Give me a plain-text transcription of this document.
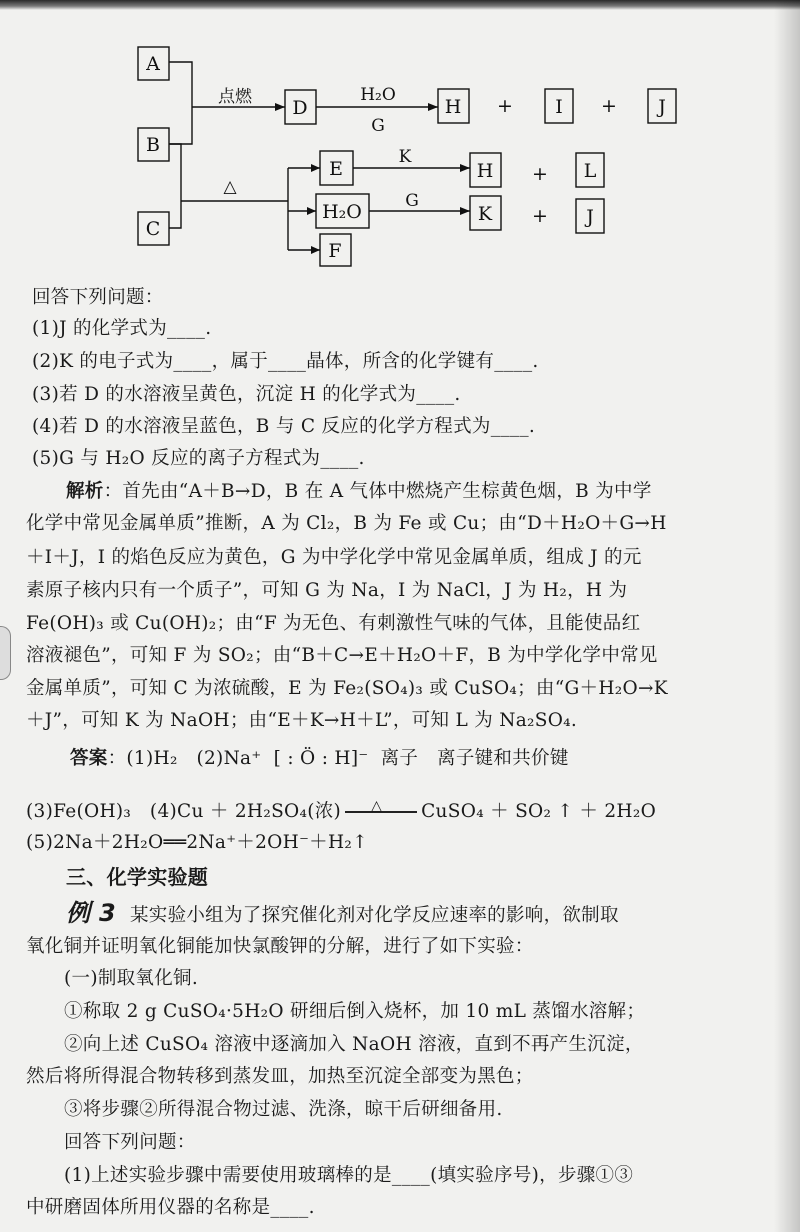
A
B
C
D	H	I	J
E
H₂O
F
H	L
K	J
+	+
+
+
点燃	H₂O
G
△
K
G
回答下列问题：
(1)J 的化学式为____.
(2)K 的电子式为____，属于____晶体，所含的化学键有____.
(3)若 D 的水溶液呈黄色，沉淀 H 的化学式为____.
(4)若 D 的水溶液呈蓝色，B 与 C 反应的化学方程式为____.
(5)G 与 H₂O 反应的离子方程式为____.
解析：首先由“A＋B→D，B 在 A 气体中燃烧产生棕黄色烟，B 为中学
化学中常见金属单质”推断，A 为 Cl₂，B 为 Fe 或 Cu；由“D＋H₂O＋G→H
＋I＋J，I 的焰色反应为黄色，G 为中学化学中常见金属单质，组成 J 的元
素原子核内只有一个质子”，可知 G 为 Na，I 为 NaCl，J 为 H₂，H 为
Fe(OH)₃ 或 Cu(OH)₂；由“F 为无色、有刺激性气味的气体，且能使品红
溶液褪色”，可知 F 为 SO₂；由“B＋C→E＋H₂O＋F，B 为中学化学中常见
金属单质”，可知 C 为浓硫酸，E 为 Fe₂(SO₄)₃ 或 CuSO₄；由“G＋H₂O→K
＋J”，可知 K 为 NaOH；由“E＋K→H＋L”，可知 L 为 Na₂SO₄.
答案：(1)H₂　(2)Na⁺ [ : Ö : H]⁻ 离子　离子键和共价键
(3)Fe(OH)₃　(4)Cu ＋ 2H₂SO₄(浓) △ CuSO₄ ＋ SO₂ ↑ ＋ 2H₂O
(5)2Na＋2H₂O══2Na⁺＋2OH⁻＋H₂↑
三、化学实验题
例 3 某实验小组为了探究催化剂对化学反应速率的影响，欲制取
氧化铜并证明氧化铜能加快氯酸钾的分解，进行了如下实验：
(一)制取氧化铜.
①称取 2 g CuSO₄·5H₂O 研细后倒入烧杯，加 10 mL 蒸馏水溶解；
②向上述 CuSO₄ 溶液中逐滴加入 NaOH 溶液，直到不再产生沉淀，
然后将所得混合物转移到蒸发皿，加热至沉淀全部变为黑色；
③将步骤②所得混合物过滤、洗涤，晾干后研细备用.
回答下列问题：
(1)上述实验步骤中需要使用玻璃棒的是____(填实验序号)，步骤①③
中研磨固体所用仪器的名称是____.
